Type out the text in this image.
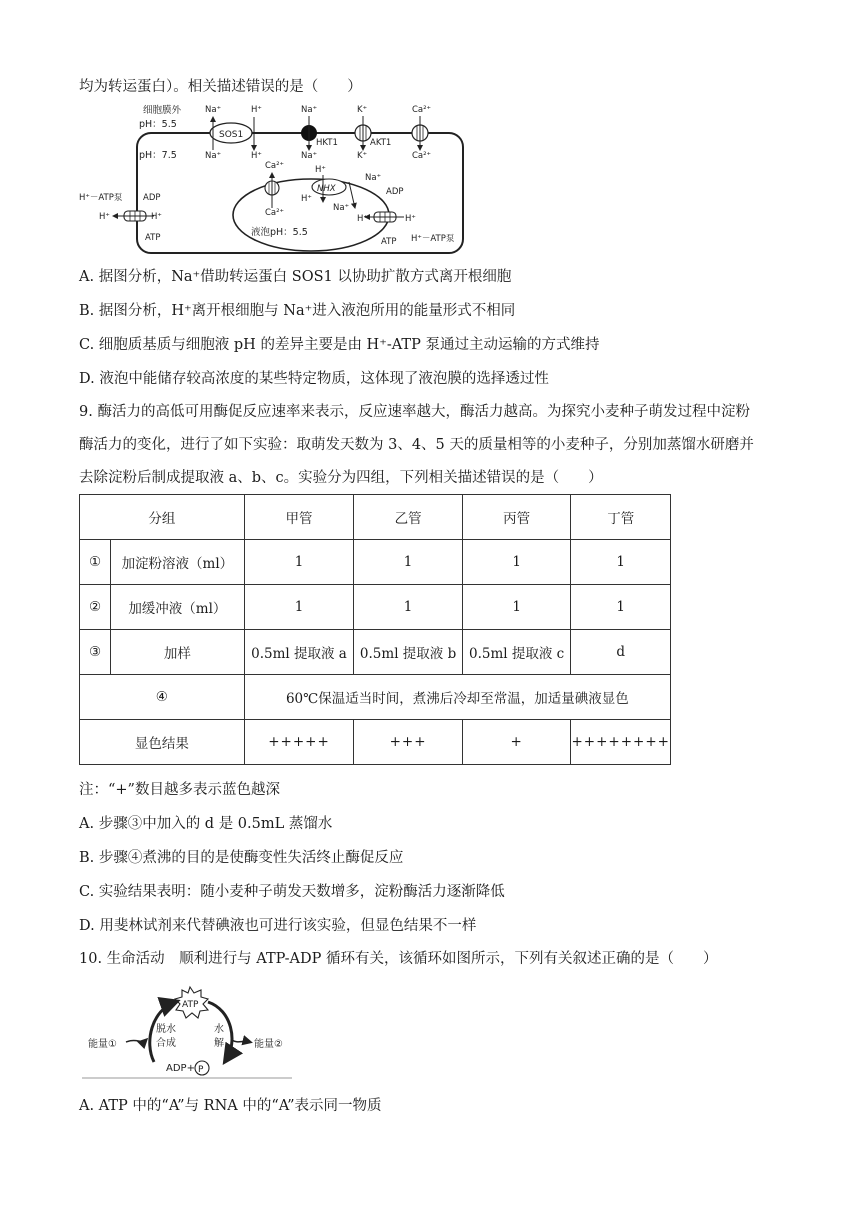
均为转运蛋白）。相关描述错误的是（　　）
细胞膜外
pH：5.5
pH：7.5
Na⁺	H⁺
SOS1
Na⁺	H⁺
Na⁺
HKT1
Na⁺
K⁺
AKT1
K⁺
Ca²⁺
Ca²⁺
H⁺－ATP泵 ADP
H⁺	H⁺
ATP
Ca²⁺
Ca²⁺
H⁺
Na⁺
NHX
H⁺
Na⁺
ADP
H⁺	H⁺
ATP H⁺－ATP泵
液泡pH：5.5
A. 据图分析，Na⁺借助转运蛋白 SOS1 以协助扩散方式离开根细胞
B. 据图分析，H⁺离开根细胞与 Na⁺进入液泡所用的能量形式不相同
C. 细胞质基质与细胞液 pH 的差异主要是由 H⁺-ATP 泵通过主动运输的方式维持
D. 液泡中能储存较高浓度的某些特定物质，这体现了液泡膜的选择透过性
9. 酶活力的高低可用酶促反应速率来表示，反应速率越大，酶活力越高。为探究小麦种子萌发过程中淀粉
酶活力的变化，进行了如下实验：取萌发天数为 3、4、5 天的质量相等的小麦种子，分别加蒸馏水研磨并
去除淀粉后制成提取液 a、b、c。实验分为四组，下列相关描述错误的是（　　）
分组		甲管	乙管	丙管	丁管
①	加淀粉溶液（ml）	1	1	1	1
②	加缓冲液（ml）	1	1	1	1
③	加样	0.5ml 提取液 a	0.5ml 提取液 b	0.5ml 提取液 c	d
④		60℃保温适当时间，煮沸后冷却至常温，加适量碘液显色			
显色结果		+++++	+++	+	++++++++
注：“+”数目越多表示蓝色越深
A. 步骤③中加入的 d 是 0.5mL 蒸馏水
B. 步骤④煮沸的目的是使酶变性失活终止酶促反应
C. 实验结果表明：随小麦种子萌发天数增多，淀粉酶活力逐渐降低
D. 用斐林试剂来代替碘液也可进行该实验，但显色结果不一样
10. 生命活动　顺利进行与 ATP-ADP 循环有关，该循环如图所示，下列有关叙述正确的是（　　）
ATP
能量①
脱水
合成
水
解	能量②
ADP+ P
A. ATP 中的“A”与 RNA 中的“A”表示同一物质
